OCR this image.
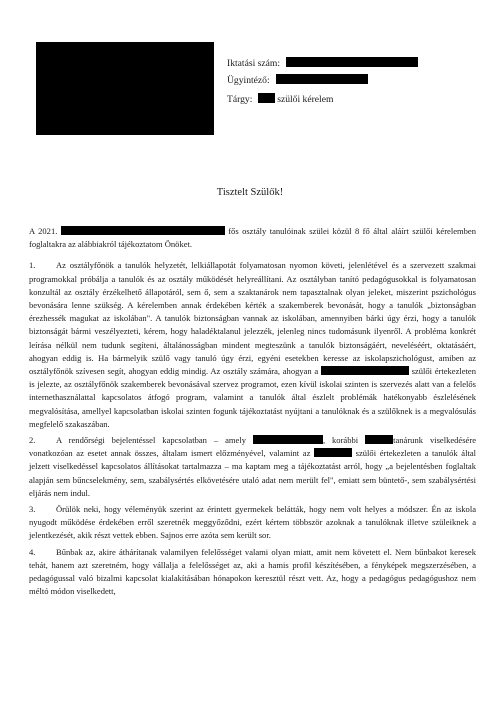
Iktatási szám:
Ügyintéző:
Tárgy:	szülői kérelem
Tisztelt Szülők!

A 2021.	fős osztály tanulóinak szülei közül 8 fő által aláírt szülői kérelemben foglaltakra az alábbiakról tájékoztatom Önöket.

1. Az osztályfőnök a tanulók helyzetét, lelkiállapotát folyamatosan nyomon követi, jelenlétével és a szervezett szakmai programokkal próbálja a tanulók és az osztály működését helyreállítani. Az osztályban tanító pedagógusokkal is folyamatosan konzultál az osztály érzékelhető állapotáról, sem ő, sem a szaktanárok nem tapasztalnak olyan jeleket, miszerint pszichológus bevonására lenne szükség. A kérelemben annak érdekében kérték a szakemberek bevonását, hogy a tanulók „biztonságban érezhessék magukat az iskolában". A tanulók biztonságban vannak az iskolában, amennyiben bárki úgy érzi, hogy a tanulók biztonságát bármi veszélyezteti, kérem, hogy haladéktalanul jelezzék, jelenleg nincs tudomásunk ilyenről. A probléma konkrét leírása nélkül nem tudunk segíteni, általánosságban mindent megteszünk a tanulók biztonságáért, neveléséért, oktatásáért, ahogyan eddig is. Ha bármelyik szülő vagy tanuló úgy érzi, egyéni esetekben keresse az iskolapszichológust, amiben az osztályfőnök szívesen segít, ahogyan eddig mindig. Az osztály számára, ahogyan a	szülői értekezleten is jelezte, az osztályfőnök szakemberek bevonásával szervez programot, ezen kívül iskolai szinten is szervezés alatt van a felelős internethasználattal kapcsolatos átfogó program, valamint a tanulók által észlelt problémák hatékonyabb észlelésének megvalósítása, amellyel kapcsolatban iskolai szinten fogunk tájékoztatást nyújtani a tanulóknak és a szülőknek is a megvalósulás megfelelő szakaszában.

2. A rendőrségi bejelentéssel kapcsolatban – amely	, korábbi	tanárunk viselkedésére vonatkozóan az esetet annak összes, általam ismert előzményével, valamint az	szülői értekezleten a tanulók által jelzett viselkedéssel kapcsolatos állításokat tartalmazza – ma kaptam meg a tájékoztatást arról, hogy „a bejelentésben foglaltak alapján sem bűncselekmény, sem, szabálysértés elkövetésére utaló adat nem merült fel", emiatt sem büntető-, sem szabálysértési eljárás nem indul.

3. Örülök neki, hogy véleményük szerint az érintett gyermekek belátták, hogy nem volt helyes a módszer. Én az iskola nyugodt működése érdekében erről szeretnék meggyőződni, ezért kértem többször azoknak a tanulóknak illetve szüleiknek a jelentkezését, akik részt vettek ebben. Sajnos erre azóta sem került sor.

4. Bűnbak az, akire áthárítanak valamilyen felelősséget valami olyan miatt, amit nem követett el. Nem bűnbakot keresek tehát, hanem azt szeretném, hogy vállalja a felelősséget az, aki a hamis profil készítésében, a fényképek megszerzésében, a pedagógussal való bizalmi kapcsolat kialakításában hónapokon keresztül részt vett. Az, hogy a pedagógus pedagógushoz nem méltó módon viselkedett,
